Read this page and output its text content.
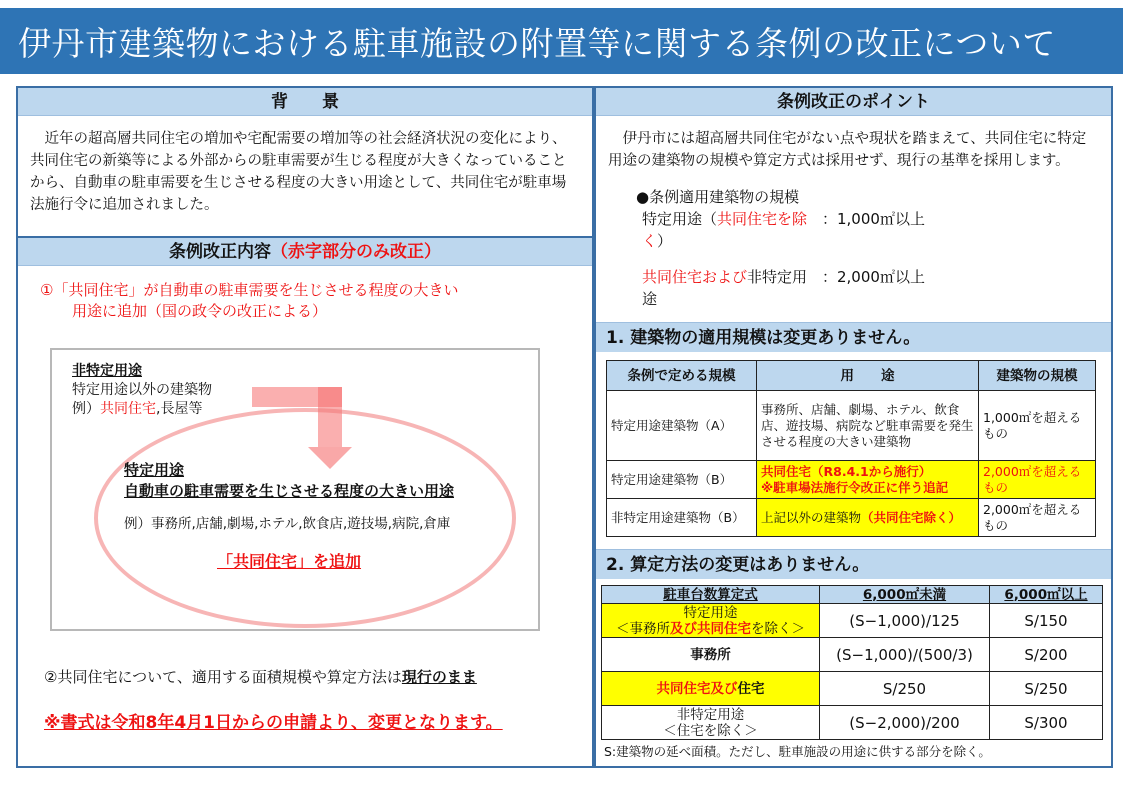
伊丹市建築物における駐車施設の附置等に関する条例の改正について
背　　景
近年の超高層共同住宅の増加や宅配需要の増加等の社会経済状況の変化により、共同住宅の新築等による外部からの駐車需要が生じる程度が大きくなっていることから、自動車の駐車需要を生じさせる程度の大きい用途として、共同住宅が駐車場法施行令に追加されました。
条例改正内容（赤字部分のみ改正）
①「共同住宅」が自動車の駐車需要を生じさせる程度の大きい
用途に追加（国の政令の改正による）
非特定用途
特定用途以外の建築物
例）共同住宅,長屋等
特定用途
自動車の駐車需要を生じさせる程度の大きい用途
例）事務所,店舗,劇場,ホテル,飲食店,遊技場,病院,倉庫
「共同住宅」を追加
②共同住宅について、適用する面積規模や算定方法は現行のまま
※書式は令和8年4月1日からの申請より、変更となります。
条例改正のポイント
伊丹市には超高層共同住宅がない点や現状を踏まえて、共同住宅に特定用途の建築物の規模や算定方式は採用せず、現行の基準を採用します。
●条例適用建築物の規模
特定用途（共同住宅を除く）
：1,000㎡以上
共同住宅および非特定用途
：2,000㎡以上
1. 建築物の適用規模は変更ありません。
条例で定める規模	用　　途	建築物の規模
特定用途建築物（A）	事務所、店舗、劇場、ホテル、飲食店、遊技場、病院など駐車需要を発生させる程度の大きい建築物	1,000㎡を超えるもの
特定用途建築物（B）	共同住宅（R8.4.1から施行）
※駐車場法施行令改正に伴う追記	2,000㎡を超えるもの
非特定用途建築物（B）	上記以外の建築物（共同住宅除く）	2,000㎡を超えるもの
2. 算定方法の変更はありません。
駐車台数算定式	6,000㎡未満	6,000㎡以上

特定用途
＜事務所及び共同住宅を除く＞	(S−1,000)/125	S/150
事務所	(S−1,000)/(500/3)	S/200
共同住宅及び住宅	S/250	S/250

非特定用途
＜住宅を除く＞	(S−2,000)/200	S/300
S:建築物の延べ面積。ただし、駐車施設の用途に供する部分を除く。
